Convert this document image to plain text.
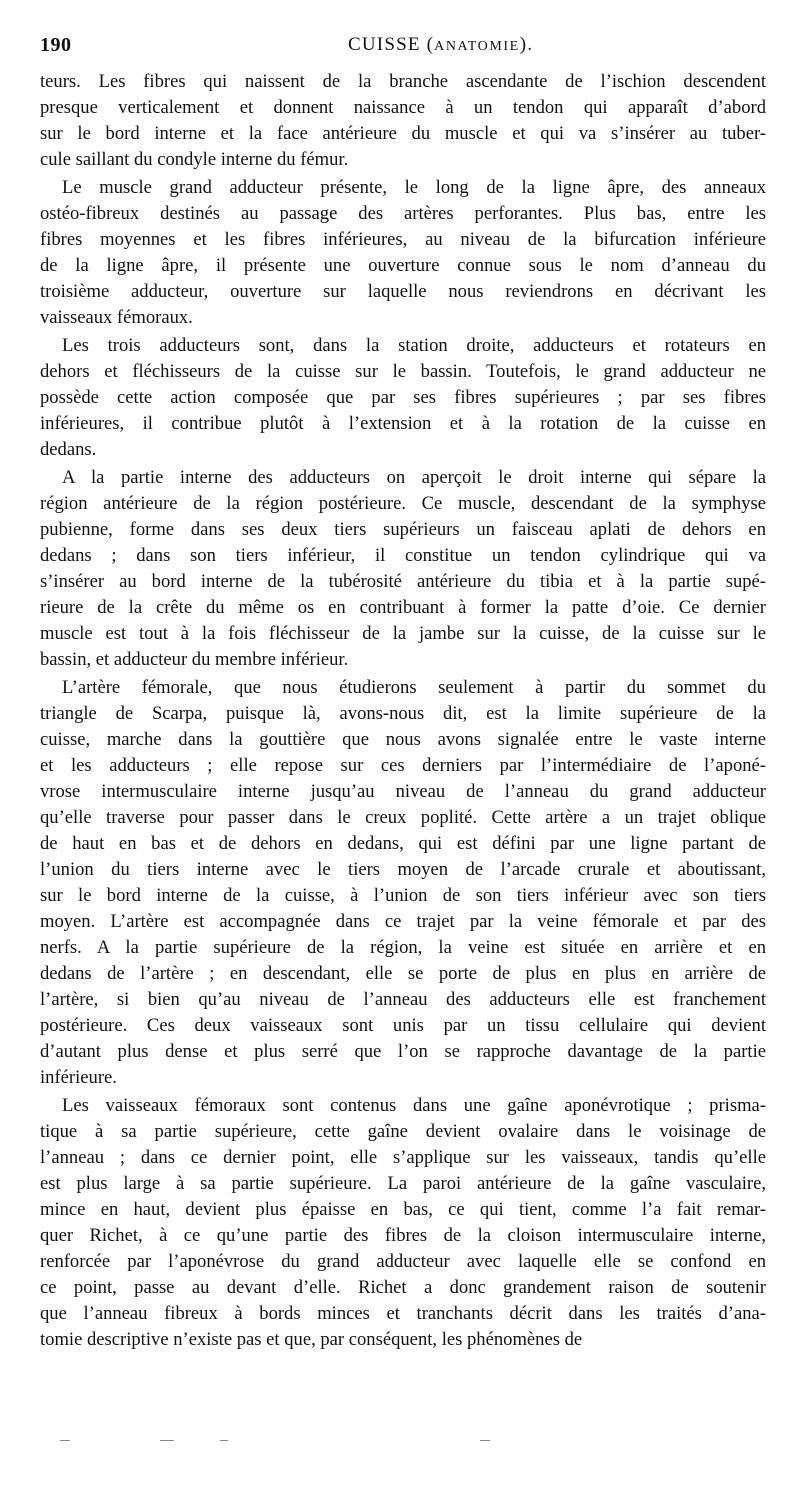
190	CUISSE (ANATOMIE).
teurs. Les fibres qui naissent de la branche ascendante de l’ischion descendent
presque verticalement et donnent naissance à un tendon qui apparaît d’abord
sur le bord interne et la face antérieure du muscle et qui va s’insérer au tuber-
cule saillant du condyle interne du fémur.
Le muscle grand adducteur présente, le long de la ligne âpre, des anneaux
ostéo-fibreux destinés au passage des artères perforantes. Plus bas, entre les
fibres moyennes et les fibres inférieures, au niveau de la bifurcation inférieure
de la ligne âpre, il présente une ouverture connue sous le nom d’anneau du
troisième adducteur, ouverture sur laquelle nous reviendrons en décrivant les
vaisseaux fémoraux.
Les trois adducteurs sont, dans la station droite, adducteurs et rotateurs en
dehors et fléchisseurs de la cuisse sur le bassin. Toutefois, le grand adducteur ne
possède cette action composée que par ses fibres supérieures ; par ses fibres
inférieures, il contribue plutôt à l’extension et à la rotation de la cuisse en
dedans.
A la partie interne des adducteurs on aperçoit le droit interne qui sépare la
région antérieure de la région postérieure. Ce muscle, descendant de la symphyse
pubienne, forme dans ses deux tiers supérieurs un faisceau aplati de dehors en
dedans ; dans son tiers inférieur, il constitue un tendon cylindrique qui va
s’insérer au bord interne de la tubérosité antérieure du tibia et à la partie supé-
rieure de la crête du même os en contribuant à former la patte d’oie. Ce dernier
muscle est tout à la fois fléchisseur de la jambe sur la cuisse, de la cuisse sur le
bassin, et adducteur du membre inférieur.
L’artère fémorale, que nous étudierons seulement à partir du sommet du
triangle de Scarpa, puisque là, avons-nous dit, est la limite supérieure de la
cuisse, marche dans la gouttière que nous avons signalée entre le vaste interne
et les adducteurs ; elle repose sur ces derniers par l’intermédiaire de l’aponé-
vrose intermusculaire interne jusqu’au niveau de l’anneau du grand adducteur
qu’elle traverse pour passer dans le creux poplité. Cette artère a un trajet oblique
de haut en bas et de dehors en dedans, qui est défini par une ligne partant de
l’union du tiers interne avec le tiers moyen de l’arcade crurale et aboutissant,
sur le bord interne de la cuisse, à l’union de son tiers inférieur avec son tiers
moyen. L’artère est accompagnée dans ce trajet par la veine fémorale et par des
nerfs. A la partie supérieure de la région, la veine est située en arrière et en
dedans de l’artère ; en descendant, elle se porte de plus en plus en arrière de
l’artère, si bien qu’au niveau de l’anneau des adducteurs elle est franchement
postérieure. Ces deux vaisseaux sont unis par un tissu cellulaire qui devient
d’autant plus dense et plus serré que l’on se rapproche davantage de la partie
inférieure.
Les vaisseaux fémoraux sont contenus dans une gaîne aponévrotique ; prisma-
tique à sa partie supérieure, cette gaîne devient ovalaire dans le voisinage de
l’anneau ; dans ce dernier point, elle s’applique sur les vaisseaux, tandis qu’elle
est plus large à sa partie supérieure. La paroi antérieure de la gaîne vasculaire,
mince en haut, devient plus épaisse en bas, ce qui tient, comme l’a fait remar-
quer Richet, à ce qu’une partie des fibres de la cloison intermusculaire interne,
renforcée par l’aponévrose du grand adducteur avec laquelle elle se confond en
ce point, passe au devant d’elle. Richet a donc grandement raison de soutenir
que l’anneau fibreux à bords minces et tranchants décrit dans les traités d’ana-
tomie descriptive n’existe pas et que, par conséquent, les phénomènes de
